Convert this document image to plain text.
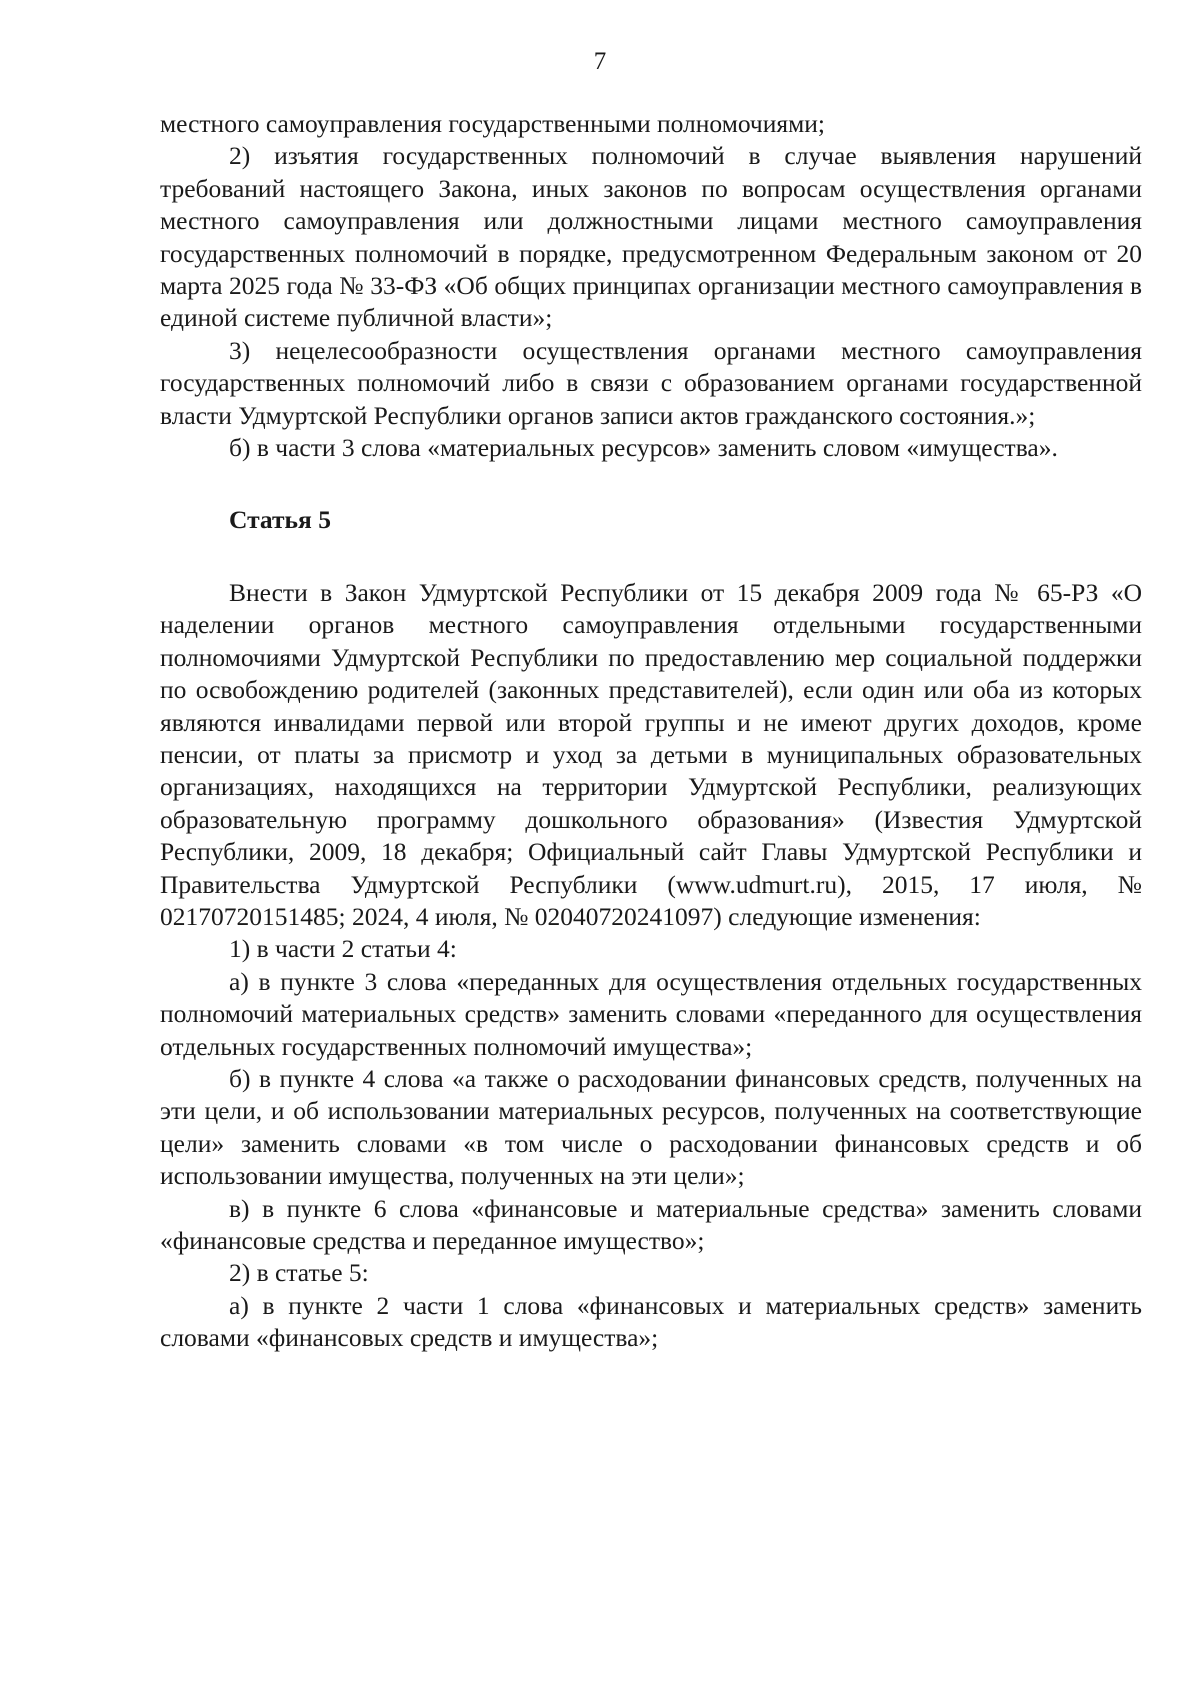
7

местного самоуправления государственными полномочиями;

2) изъятия государственных полномочий в случае выявления нарушений требований настоящего Закона, иных законов по вопросам осуществления органами местного самоуправления или должностными лицами местного самоуправления государственных полномочий в порядке, предусмотренном Федеральным законом от 20 марта 2025 года № 33-ФЗ «Об общих принципах организации местного самоуправления в единой системе публичной власти»;

3) нецелесообразности осуществления органами местного самоуправления государственных полномочий либо в связи с образованием органами государственной власти Удмуртской Республики органов записи актов гражданского состояния.»;

б) в части 3 слова «материальных ресурсов» заменить словом «имущества».

Статья 5

Внести в Закон Удмуртской Республики от 15 декабря 2009 года № 65-РЗ «О наделении органов местного самоуправления отдельными государственными полномочиями Удмуртской Республики по предоставлению мер социальной поддержки по освобождению родителей (законных представителей), если один или оба из которых являются инвалидами первой или второй группы и не имеют других доходов, кроме пенсии, от платы за присмотр и уход за детьми в муниципальных образовательных организациях, находящихся на территории Удмуртской Республики, реализующих образовательную программу дошкольного образования» (Известия Удмуртской Республики, 2009, 18 декабря; Официальный сайт Главы Удмуртской Республики и Правительства Удмуртской Республики (www.udmurt.ru), 2015, 17 июля, № 02170720151485; 2024, 4 июля, № 02040720241097) следующие изменения:

1) в части 2 статьи 4:

а) в пункте 3 слова «переданных для осуществления отдельных государственных полномочий материальных средств» заменить словами «переданного для осуществления отдельных государственных полномочий имущества»;

б) в пункте 4 слова «а также о расходовании финансовых средств, полученных на эти цели, и об использовании материальных ресурсов, полученных на соответствующие цели» заменить словами «в том числе о расходовании финансовых средств и об использовании имущества, полученных на эти цели»;

в) в пункте 6 слова «финансовые и материальные средства» заменить словами «финансовые средства и переданное имущество»;

2) в статье 5:

а) в пункте 2 части 1 слова «финансовых и материальных средств» заменить словами «финансовых средств и имущества»;
